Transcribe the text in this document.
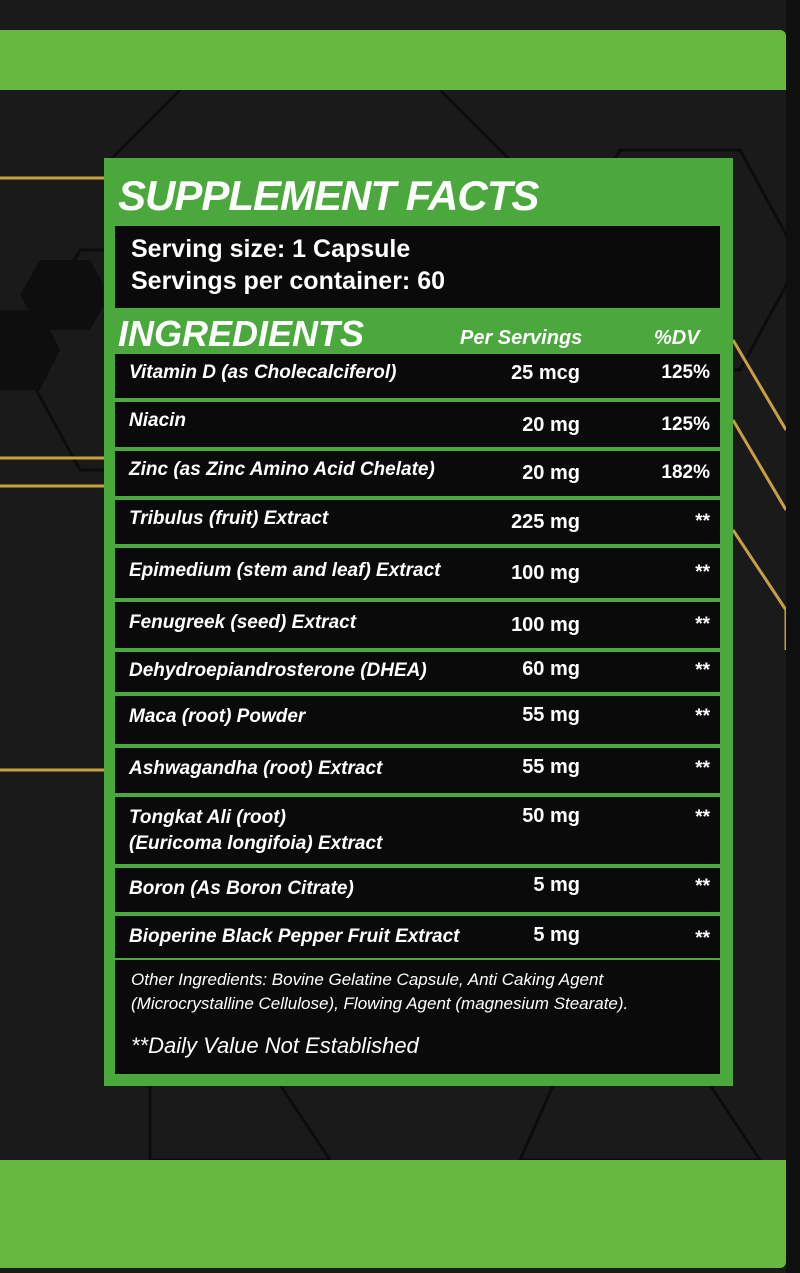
SUPPLEMENT FACTS
Serving size: 1 Capsule
Servings per container: 60
INGREDIENTS	Per Servings	%DV
Vitamin D (as Cholecalciferol)	25 mcg	125%
Niacin	20 mg	125%
Zinc (as Zinc Amino Acid Chelate)	20 mg	182%
Tribulus (fruit) Extract	225 mg	**
Epimedium (stem and leaf) Extract	100 mg	**
Fenugreek (seed) Extract	100 mg	**
Dehydroepiandrosterone (DHEA)	60 mg	**
Maca (root) Powder	55 mg	**
Ashwagandha (root) Extract	55 mg	**
Tongkat Ali (root)
(Euricoma longifoia) Extract
50 mg	**
Boron (As Boron Citrate)	5 mg	**
Bioperine Black Pepper Fruit Extract	5 mg	**
Other Ingredients: Bovine Gelatine Capsule, Anti Caking Agent (Microcrystalline Cellulose), Flowing Agent (magnesium Stearate).
**Daily Value Not Established
